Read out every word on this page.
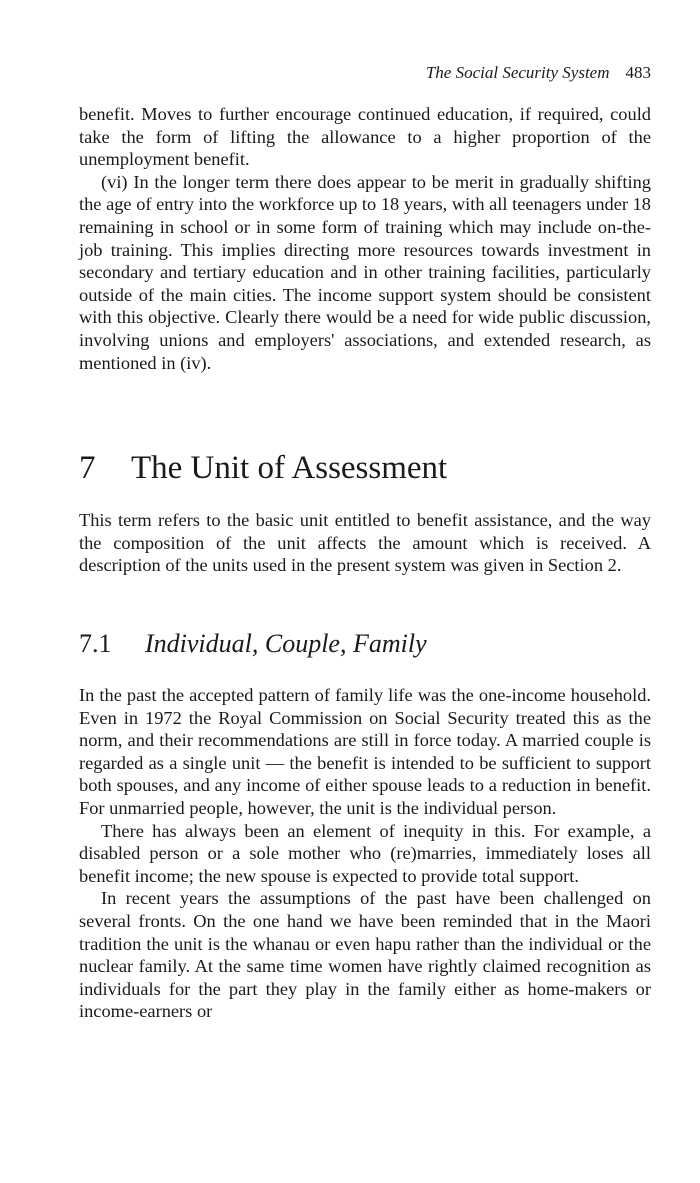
The Social Security System 483

benefit. Moves to further encourage continued education, if required, could take the form of lifting the allowance to a higher proportion of the unemployment benefit.

(vi) In the longer term there does appear to be merit in gradually shifting the age of entry into the workforce up to 18 years, with all teenagers under 18 remaining in school or in some form of training which may include on-the-job training. This implies directing more resources towards investment in secondary and tertiary education and in other training facilities, particularly outside of the main cities. The income support system should be consistent with this objective. Clearly there would be a need for wide public discussion, involving unions and employers' associations, and extended research, as mentioned in (iv).

7 The Unit of Assessment

This term refers to the basic unit entitled to benefit assistance, and the way the composition of the unit affects the amount which is received. A description of the units used in the present system was given in Section 2.

7.1 Individual, Couple, Family

In the past the accepted pattern of family life was the one-income household. Even in 1972 the Royal Commission on Social Security treated this as the norm, and their recommendations are still in force today. A married couple is regarded as a single unit — the benefit is intended to be sufficient to support both spouses, and any income of either spouse leads to a reduction in benefit. For unmarried people, however, the unit is the individual person.

There has always been an element of inequity in this. For example, a disabled person or a sole mother who (re)marries, immediately loses all benefit income; the new spouse is expected to provide total support.

In recent years the assumptions of the past have been challenged on several fronts. On the one hand we have been reminded that in the Maori tradition the unit is the whanau or even hapu rather than the individual or the nuclear family. At the same time women have rightly claimed recognition as individuals for the part they play in the family either as home-makers or income-earners or
